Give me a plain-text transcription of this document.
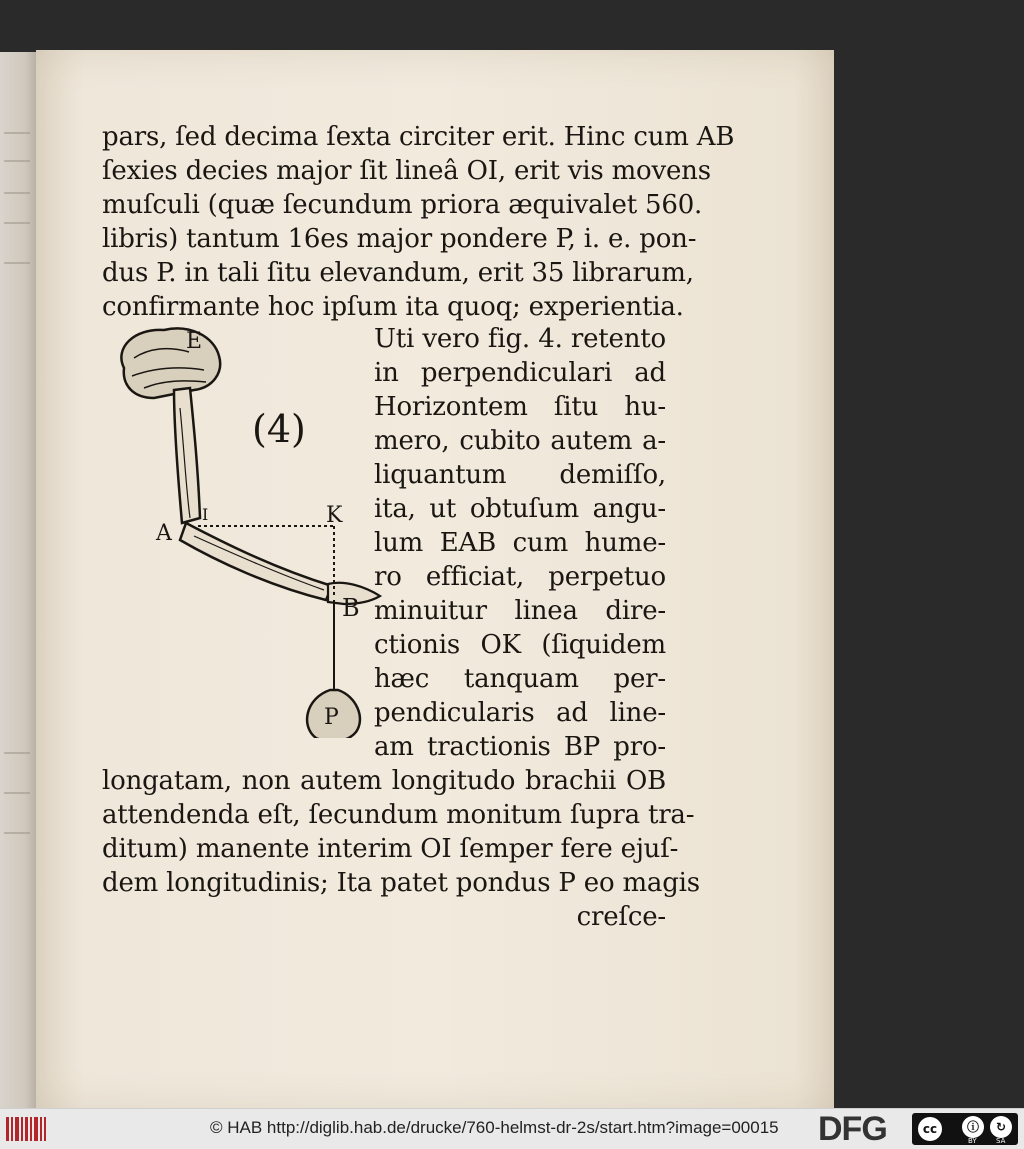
pars, ſed decima ſexta circiter erit. Hinc cum AB

ſexies decies major ſit lineâ OI, erit vis movens

muſculi (quæ ſecundum priora æquivalet 560.

libris) tantum 16es major pondere P, i. e. pon-

dus P. in tali ſitu elevandum, erit 35 librarum,

confirmante hoc ipſum ita quoq; experientia.

Uti vero fig. 4. retento

in perpendiculari ad

Horizontem ſitu hu-

mero, cubito autem a-

liquantum demiſſo,

ita, ut obtuſum angu-

lum EAB cum hume-

ro efficiat, perpetuo

minuitur linea dire-

ctionis OK (ſiquidem

hæc tanquam per-

pendicularis ad line-

am tractionis BP pro-

longatam, non autem longitudo brachii OB

attendenda eſt, ſecundum monitum ſupra tra-

ditum) manente interim OI ſemper fere ejuſ-

dem longitudinis; Ita patet pondus P eo magis

creſce-

E
I	K
A
B
P
(4)
© HAB http://diglib.hab.de/drucke/760-helmst-dr-2s/start.htm?image=00015 DFG	cc	ⓘ	↻
BY	SA
